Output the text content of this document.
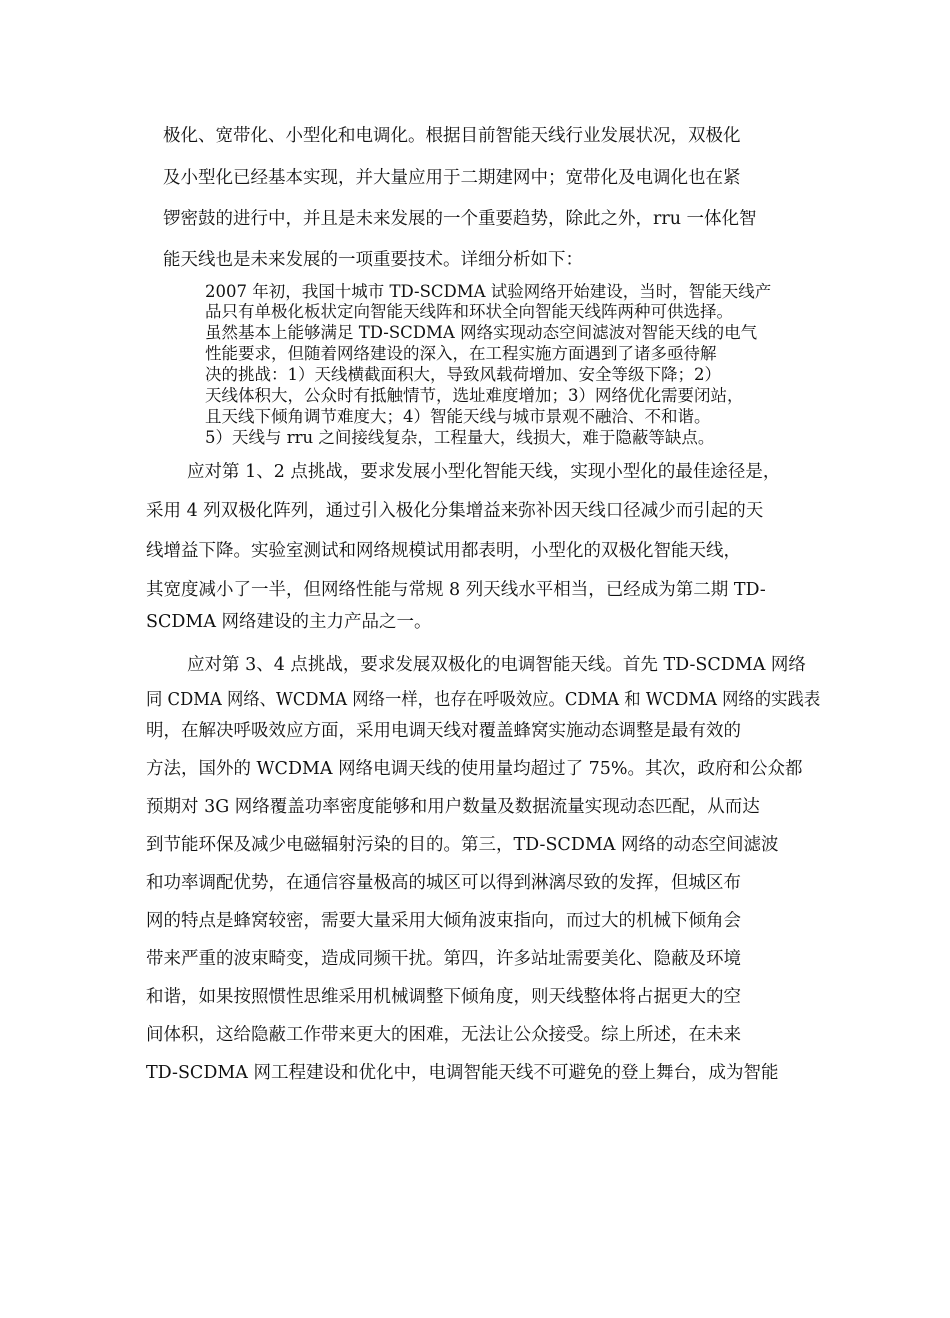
极化、宽带化、小型化和电调化。根据目前智能天线行业发展状况，双极化
及小型化已经基本实现，并大量应用于二期建网中；宽带化及电调化也在紧
锣密鼓的进行中，并且是未来发展的一个重要趋势，除此之外，rru 一体化智
能天线也是未来发展的一项重要技术。详细分析如下：
2007 年初，我国十城市 TD-SCDMA 试验网络开始建设，当时，智能天线产
品只有单极化板状定向智能天线阵和环状全向智能天线阵两种可供选择。
虽然基本上能够满足 TD-SCDMA 网络实现动态空间滤波对智能天线的电气
性能要求，但随着网络建设的深入，在工程实施方面遇到了诸多亟待解
决的挑战：1）天线横截面积大，导致风载荷增加、安全等级下降；2）
天线体积大，公众时有抵触情节，选址难度增加；3）网络优化需要闭站，
且天线下倾角调节难度大；4）智能天线与城市景观不融洽、不和谐。
5）天线与 rru 之间接线复杂，工程量大，线损大，难于隐蔽等缺点。
应对第 1、2 点挑战，要求发展小型化智能天线，实现小型化的最佳途径是，
采用 4 列双极化阵列，通过引入极化分集增益来弥补因天线口径减少而引起的天
线增益下降。实验室测试和网络规模试用都表明，小型化的双极化智能天线，
其宽度减小了一半，但网络性能与常规 8 列天线水平相当，已经成为第二期 TD-
SCDMA 网络建设的主力产品之一。
应对第 3、4 点挑战，要求发展双极化的电调智能天线。首先 TD-SCDMA 网络
同 CDMA 网络、WCDMA 网络一样，也存在呼吸效应。CDMA 和 WCDMA 网络的实践表
明，在解决呼吸效应方面，采用电调天线对覆盖蜂窝实施动态调整是最有效的
方法，国外的 WCDMA 网络电调天线的使用量均超过了 75%。其次，政府和公众都
预期对 3G 网络覆盖功率密度能够和用户数量及数据流量实现动态匹配，从而达
到节能环保及减少电磁辐射污染的目的。第三，TD-SCDMA 网络的动态空间滤波
和功率调配优势，在通信容量极高的城区可以得到淋漓尽致的发挥，但城区布
网的特点是蜂窝较密，需要大量采用大倾角波束指向，而过大的机械下倾角会
带来严重的波束畸变，造成同频干扰。第四，许多站址需要美化、隐蔽及环境
和谐，如果按照惯性思维采用机械调整下倾角度，则天线整体将占据更大的空
间体积，这给隐蔽工作带来更大的困难，无法让公众接受。综上所述，在未来
TD-SCDMA 网工程建设和优化中，电调智能天线不可避免的登上舞台，成为智能
